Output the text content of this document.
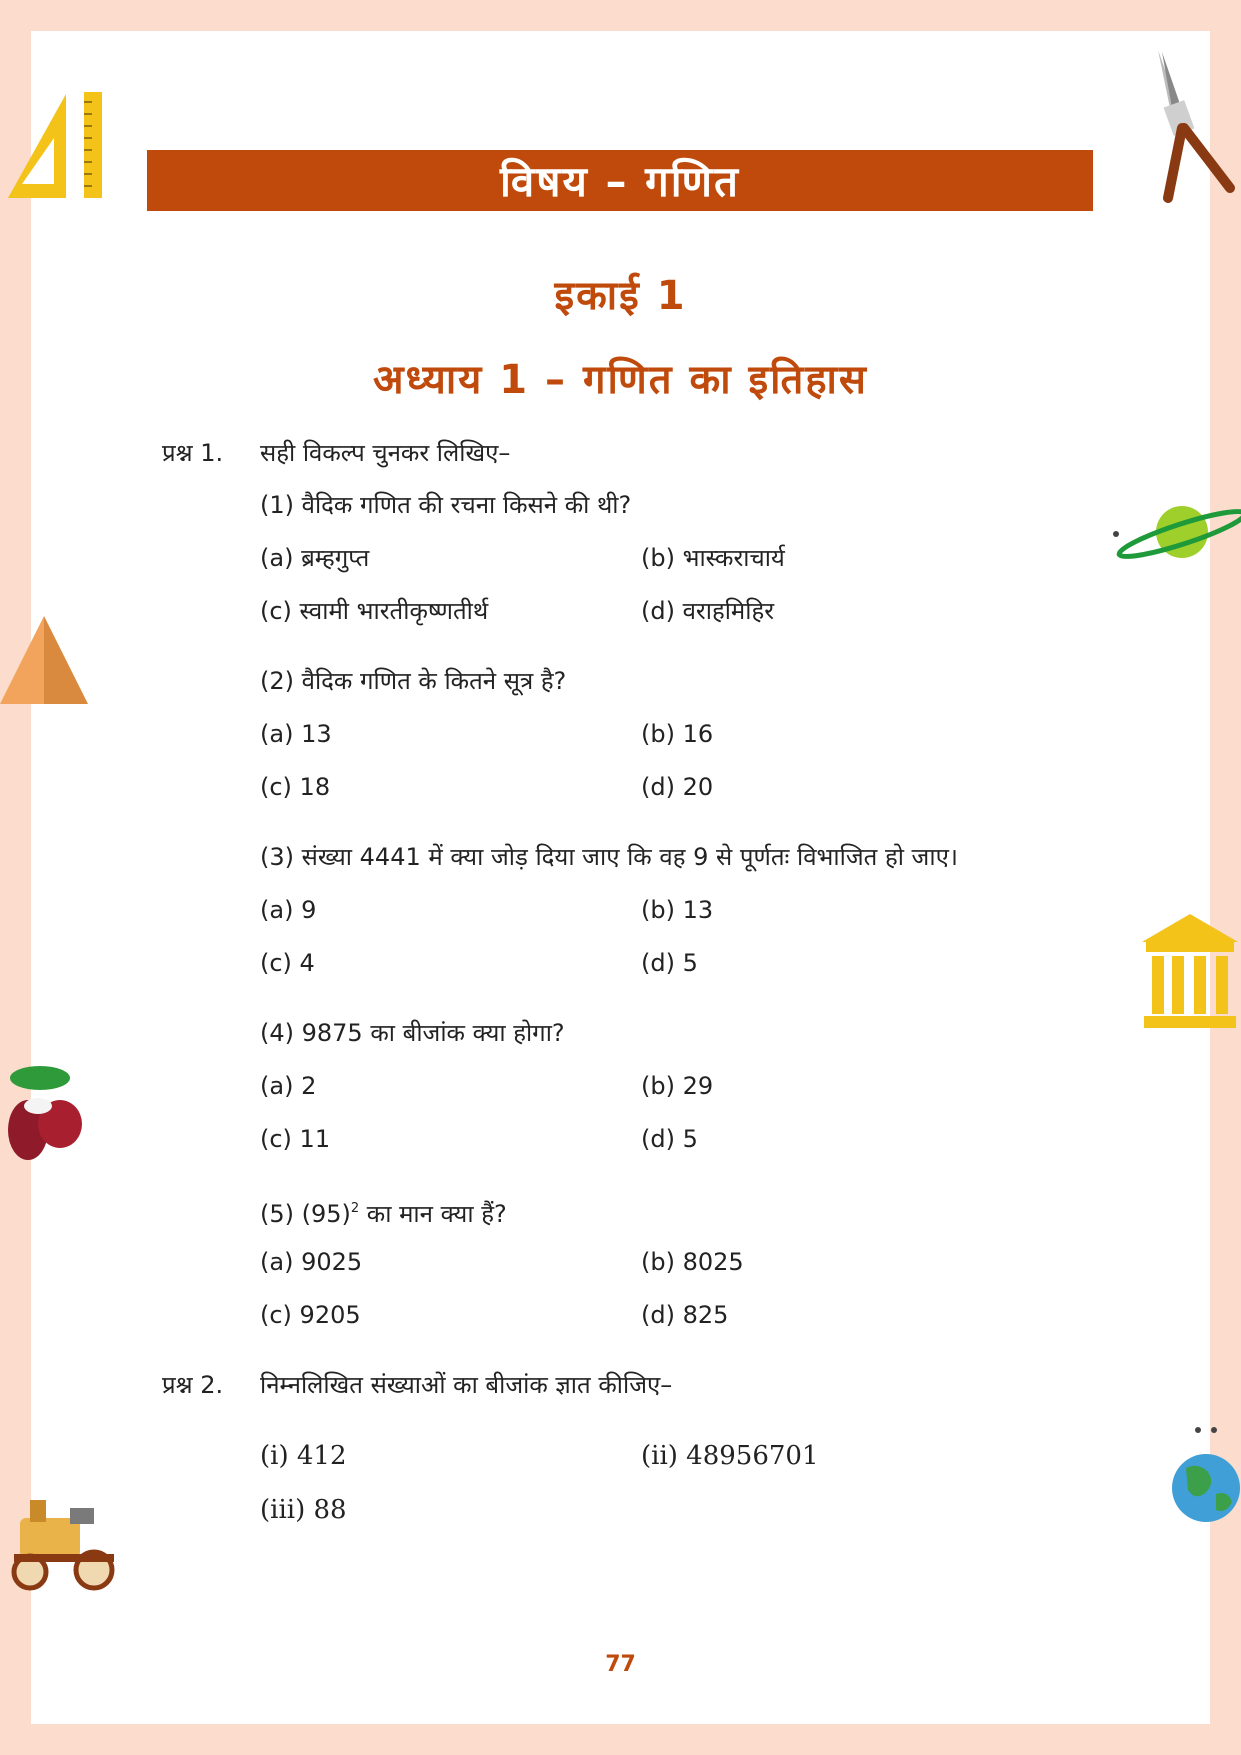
विषय – गणित
इकाई 1
अध्याय 1 – गणित का इतिहास
प्रश्न 1. सही विकल्प चुनकर लिखिए–
(1) वैदिक गणित की रचना किसने की थी?
(a) ब्रम्हगुप्त	(b) भास्कराचार्य
(c) स्वामी भारतीकृष्णतीर्थ	(d) वराहमिहिर
(2) वैदिक गणित के कितने सूत्र है?
(a) 13	(b) 16
(c) 18	(d) 20
(3) संख्या 4441 में क्या जोड़ दिया जाए कि वह 9 से पूर्णतः विभाजित हो जाए।
(a) 9	(b) 13
(c) 4	(d) 5
(4) 9875 का बीजांक क्या होगा?
(a) 2	(b) 29
(c) 11	(d) 5
(5) $(95)^2$ का मान क्या हैं?
(a) 9025	(b) 8025
(c) 9205	(d) 825
प्रश्न 2. निम्नलिखित संख्याओं का बीजांक ज्ञात कीजिए–
(i) 412	(ii) 48956701
(iii) 88
77
